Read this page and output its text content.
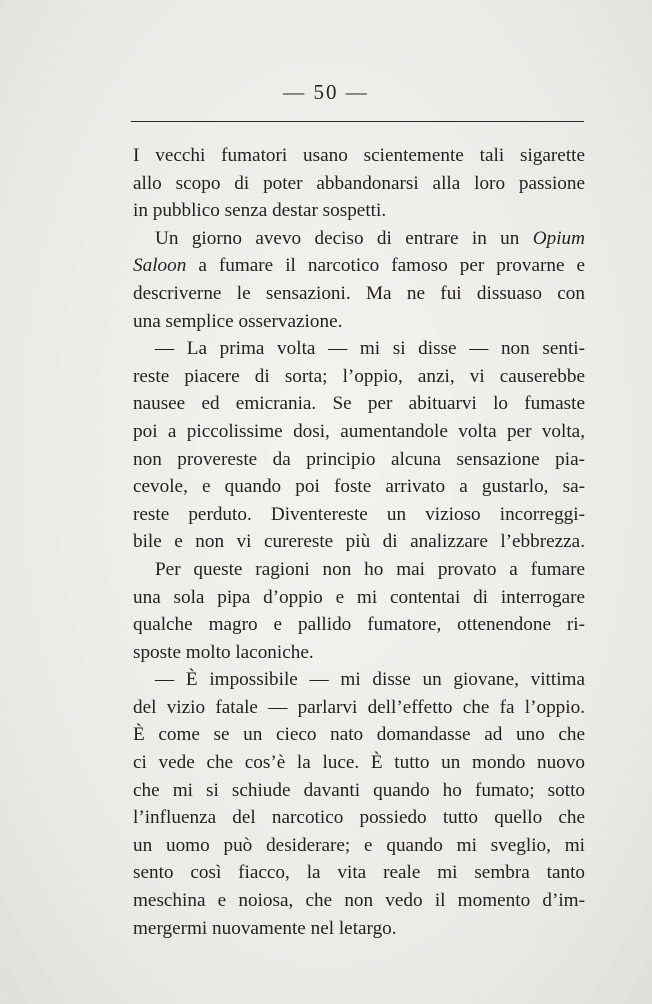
— 50 —
I vecchi fumatori usano scientemente tali sigarette
allo scopo di poter abbandonarsi alla loro passione
in pubblico senza destar sospetti.
Un giorno avevo deciso di entrare in un Opium
Saloon a fumare il narcotico famoso per provarne e
descriverne le sensazioni. Ma ne fui dissuaso con
una semplice osservazione.
— La prima volta — mi si disse — non senti-
reste piacere di sorta; l’oppio, anzi, vi causerebbe
nausee ed emicrania. Se per abituarvi lo fumaste
poi a piccolissime dosi, aumentandole volta per volta,
non provereste da principio alcuna sensazione pia-
cevole, e quando poi foste arrivato a gustarlo, sa-
reste perduto. Diventereste un vizioso incorreggi-
bile e non vi curereste più di analizzare l’ebbrezza.
Per queste ragioni non ho mai provato a fumare
una sola pipa d’oppio e mi contentai di interrogare
qualche magro e pallido fumatore, ottenendone ri-
sposte molto laconiche.
— È impossibile — mi disse un giovane, vittima
del vizio fatale — parlarvi dell’effetto che fa l’oppio.
È come se un cieco nato domandasse ad uno che
ci vede che cos’è la luce. È tutto un mondo nuovo
che mi si schiude davanti quando ho fumato; sotto
l’influenza del narcotico possiedo tutto quello che
un uomo può desiderare; e quando mi sveglio, mi
sento così fiacco, la vita reale mi sembra tanto
meschina e noiosa, che non vedo il momento d’im-
mergermi nuovamente nel letargo.
